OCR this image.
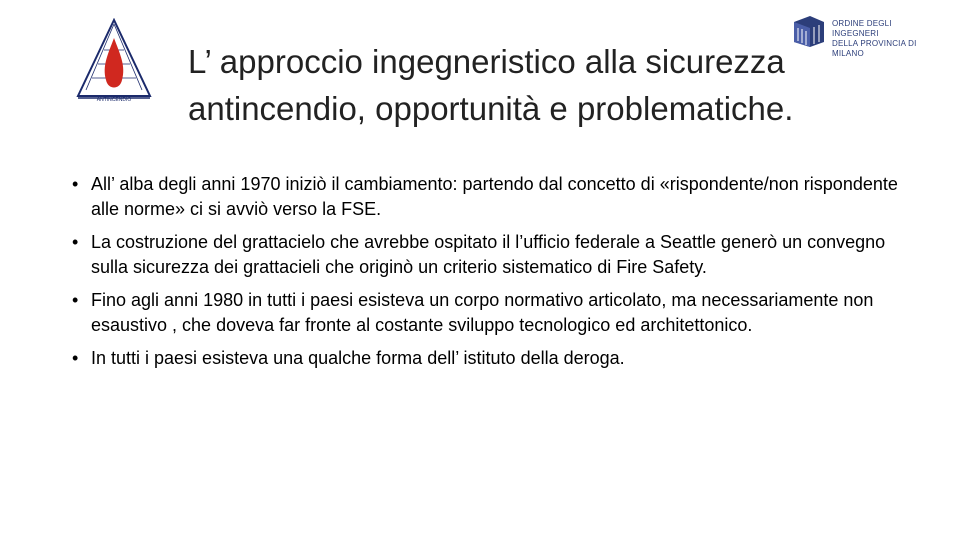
ANTINCENDIO
ORDINE DEGLI INGEGNERI
DELLA PROVINCIA DI MILANO
L’ approccio ingegneristico alla sicurezza
antincendio, opportunità e problematiche.
• All’ alba degli anni 1970 iniziò il cambiamento: partendo dal concetto di «rispondente/non rispondente alle norme» ci si avviò verso la FSE.
• La costruzione del grattacielo che avrebbe ospitato il l’ufficio federale a Seattle generò un convegno sulla sicurezza dei grattacieli che originò un criterio sistematico di Fire Safety.
• Fino agli anni 1980 in tutti i paesi esisteva un corpo normativo articolato, ma necessariamente non esaustivo , che doveva far fronte al costante sviluppo tecnologico ed architettonico.
• In tutti i paesi esisteva una qualche forma dell’ istituto della deroga.
